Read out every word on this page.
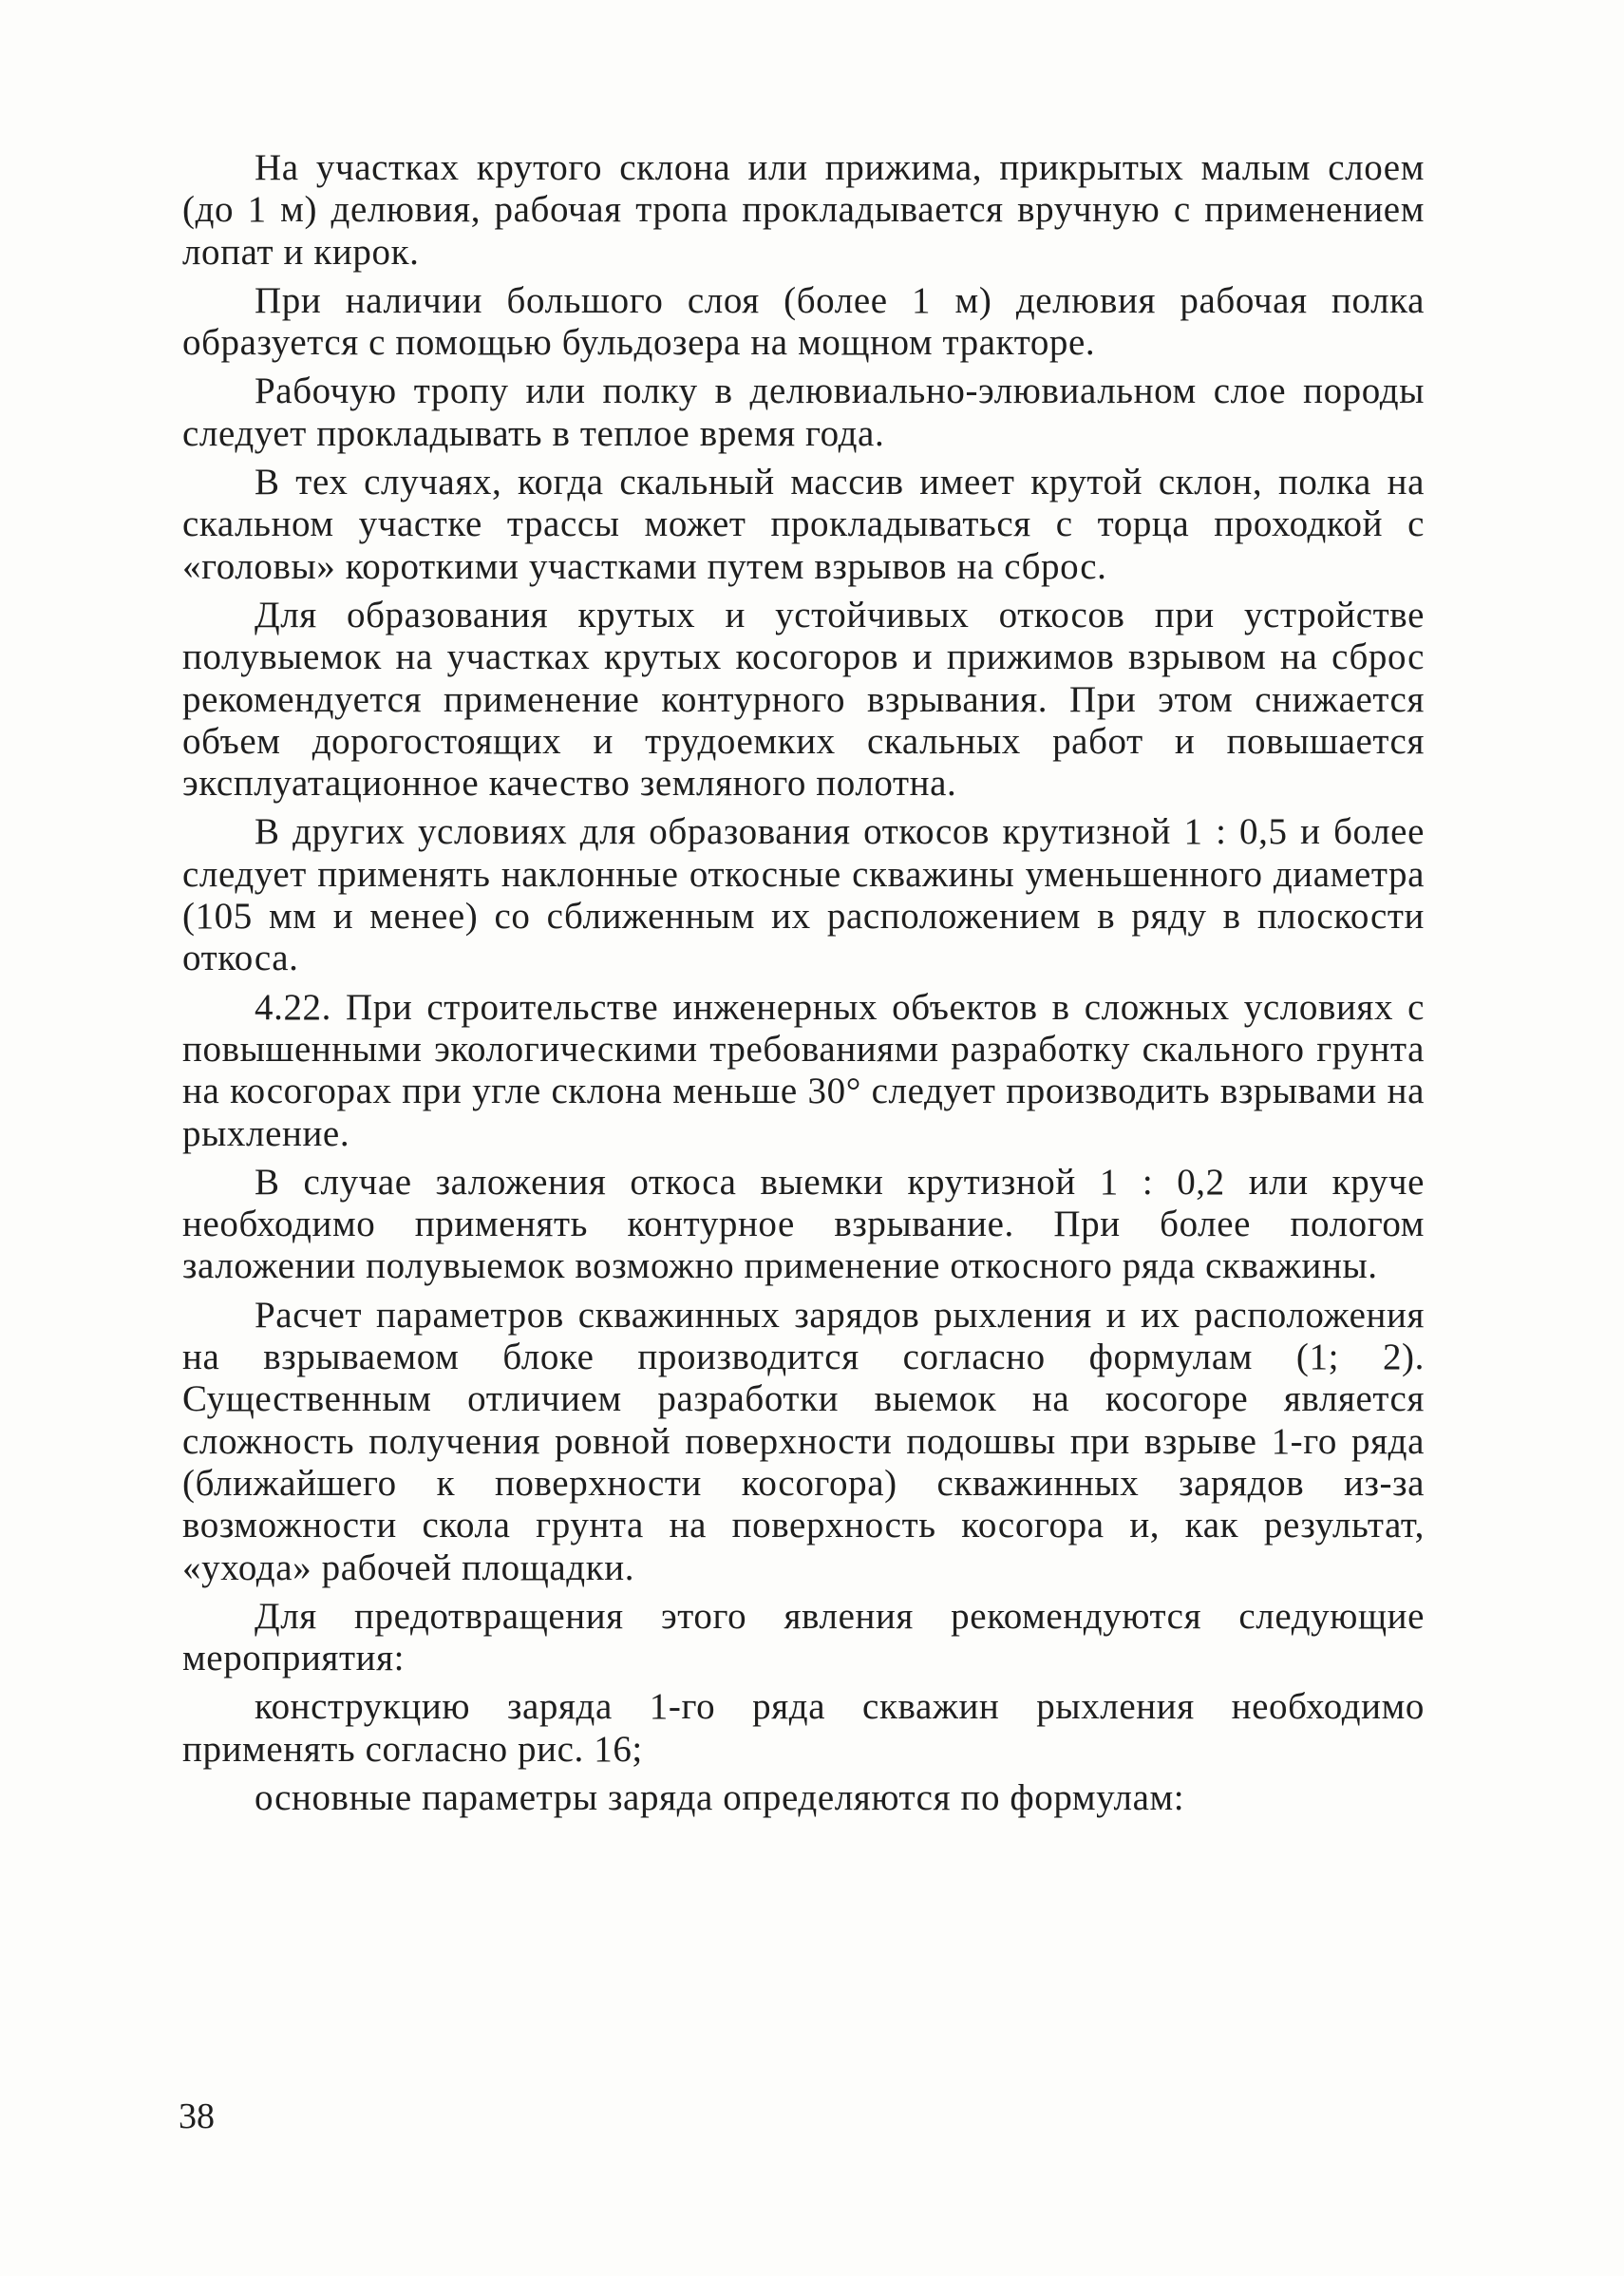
На участках крутого склона или прижима, прикрытых малым слоем (до 1 м) делювия, рабочая тропа прокладывается вручную с применением лопат и кирок.

При наличии большого слоя (более 1 м) делювия рабочая полка образуется с помощью бульдозера на мощном тракторе.

Рабочую тропу или полку в делювиально-элювиальном слое породы следует прокладывать в теплое время года.

В тех случаях, когда скальный массив имеет крутой склон, полка на скальном участке трассы может прокладываться с торца проходкой с «головы» короткими участками путем взрывов на сброс.

Для образования крутых и устойчивых откосов при устройстве полувыемок на участках крутых косогоров и прижимов взрывом на сброс рекомендуется применение контурного взрывания. При этом снижается объем дорогостоящих и трудоемких скальных работ и повышается эксплуатационное качество земляного полотна.

В других условиях для образования откосов крутизной 1 : 0,5 и более следует применять наклонные откосные скважины уменьшенного диаметра (105 мм и менее) со сближенным их расположением в ряду в плоскости откоса.

4.22. При строительстве инженерных объектов в сложных условиях с повышенными экологическими требованиями разработку скального грунта на косогорах при угле склона меньше 30° следует производить взрывами на рыхление.

В случае заложения откоса выемки крутизной 1 : 0,2 или круче необходимо применять контурное взрывание. При более пологом заложении полувыемок возможно применение откосного ряда скважины.

Расчет параметров скважинных зарядов рыхления и их расположения на взрываемом блоке производится согласно формулам (1; 2). Существенным отличием разработки выемок на косогоре является сложность получения ровной поверхности подошвы при взрыве 1-го ряда (ближайшего к поверхности косогора) скважинных зарядов из-за возможности скола грунта на поверхность косогора и, как результат, «ухода» рабочей площадки.

Для предотвращения этого явления рекомендуются следующие мероприятия:

конструкцию заряда 1-го ряда скважин рыхления необходимо применять согласно рис. 16;

основные параметры заряда определяются по формулам:

38
